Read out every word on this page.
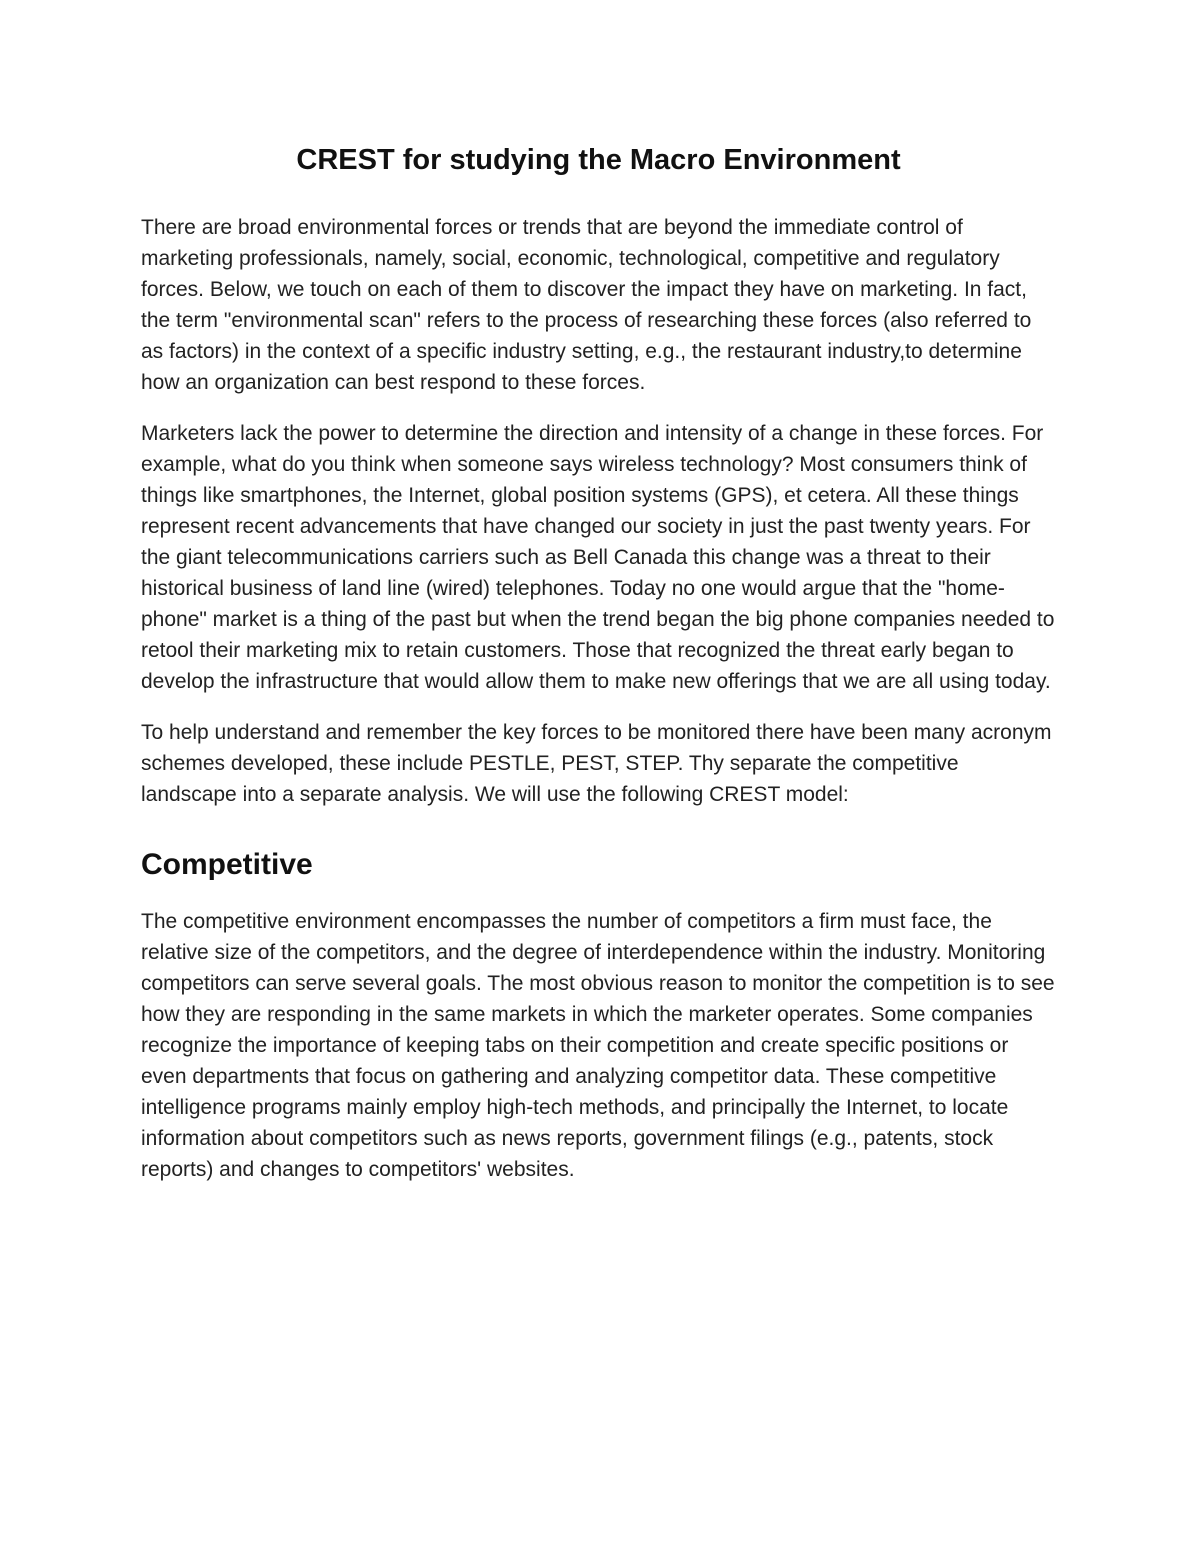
CREST for studying the Macro Environment

There are broad environmental forces or trends that are beyond the immediate control of marketing professionals, namely, social, economic, technological, competitive and regulatory forces. Below, we touch on each of them to discover the impact they have on marketing. In fact, the term "environmental scan" refers to the process of researching these forces (also referred to as factors) in the context of a specific industry setting, e.g., the restaurant industry,to determine how an organization can best respond to these forces.

Marketers lack the power to determine the direction and intensity of a change in these forces. For example, what do you think when someone says wireless technology? Most consumers think of things like smartphones, the Internet, global position systems (GPS), et cetera. All these things represent recent advancements that have changed our society in just the past twenty years. For the giant telecommunications carriers such as Bell Canada this change was a threat to their historical business of land line (wired) telephones. Today no one would argue that the "home-phone" market is a thing of the past but when the trend began the big phone companies needed to retool their marketing mix to retain customers. Those that recognized the threat early began to develop the infrastructure that would allow them to make new offerings that we are all using today.

To help understand and remember the key forces to be monitored there have been many acronym schemes developed, these include PESTLE, PEST, STEP. Thy separate the competitive landscape into a separate analysis. We will use the following CREST model:

Competitive

The competitive environment encompasses the number of competitors a firm must face, the relative size of the competitors, and the degree of interdependence within the industry. Monitoring competitors can serve several goals. The most obvious reason to monitor the competition is to see how they are responding in the same markets in which the marketer operates. Some companies recognize the importance of keeping tabs on their competition and create specific positions or even departments that focus on gathering and analyzing competitor data. These competitive intelligence programs mainly employ high-tech methods, and principally the Internet, to locate information about competitors such as news reports, government filings (e.g., patents, stock reports) and changes to competitors' websites.
